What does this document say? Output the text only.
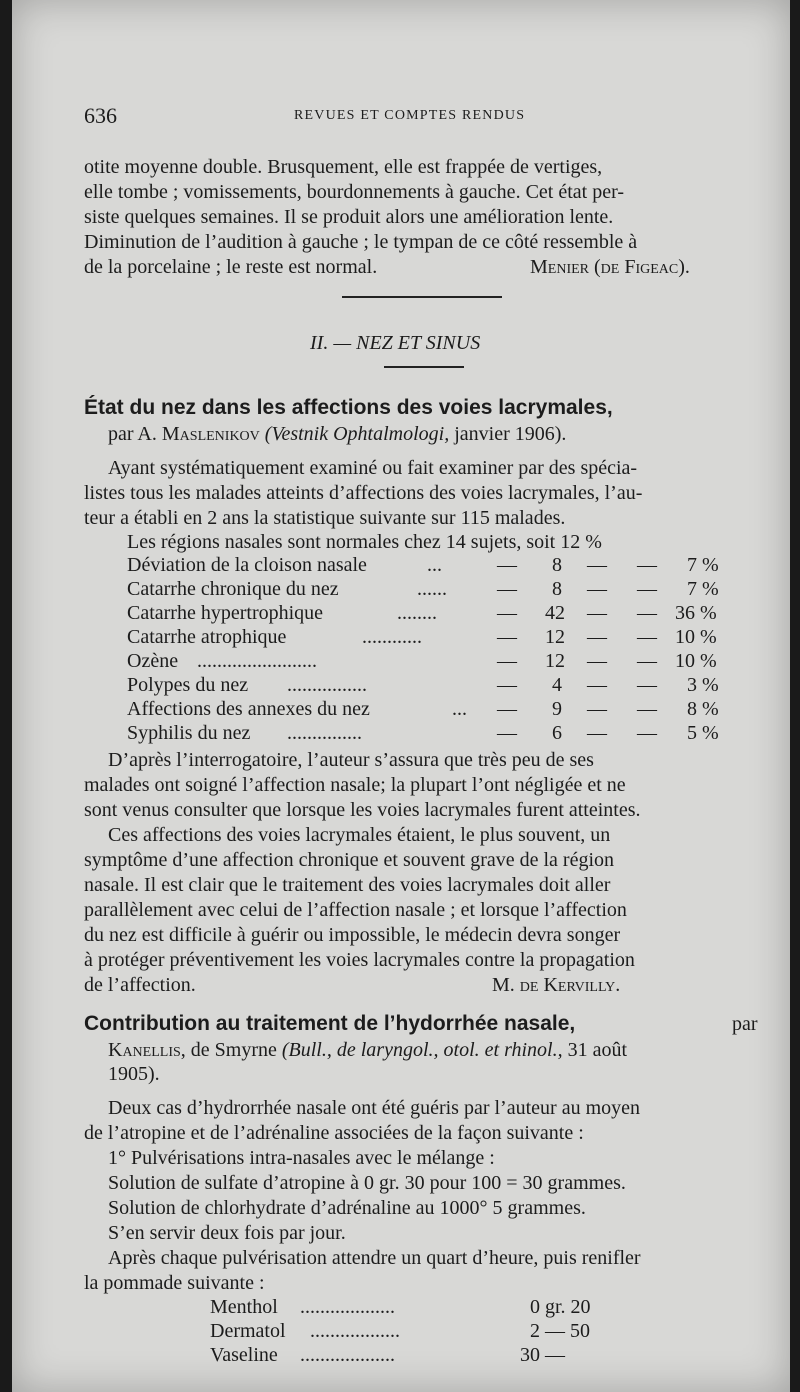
636	REVUES ET COMPTES RENDUS
otite moyenne double. Brusquement, elle est frappée de vertiges,
elle tombe ; vomissements, bourdonnements à gauche. Cet état per-
siste quelques semaines. Il se produit alors une amélioration lente.
Diminution de l’audition à gauche ; le tympan de ce côté ressemble à
de la porcelaine ; le reste est normal.	Menier (de Figeac).
II. — NEZ ET SINUS
État du nez dans les affections des voies lacrymales,
par A. Maslenikov (Vestnik Ophtalmologi, janvier 1906).
Ayant systématiquement examiné ou fait examiner par des spécia-
listes tous les malades atteints d’affections des voies lacrymales, l’au-
teur a établi en 2 ans la statistique suivante sur 115 malades.
Les régions nasales sont normales chez 14 sujets, soit 12 %
Déviation de la cloison nasale	...	— 8 — — 7 %
Catarrhe chronique du nez	......	— 8 — — 7 %
Catarrhe hypertrophique	........	— 42 — — 36 %
Catarrhe atrophique	............	— 12 — — 10 %
Ozène ........................	— 12 — — 10 %
Polypes du nez ................	— 4 — — 3 %
Affections des annexes du nez	... — 9 — — 8 %
Syphilis du nez ...............	— 6 — — 5 %
D’après l’interrogatoire, l’auteur s’assura que très peu de ses
malades ont soigné l’affection nasale; la plupart l’ont négligée et ne
sont venus consulter que lorsque les voies lacrymales furent atteintes.
Ces affections des voies lacrymales étaient, le plus souvent, un
symptôme d’une affection chronique et souvent grave de la région
nasale. Il est clair que le traitement des voies lacrymales doit aller
parallèlement avec celui de l’affection nasale ; et lorsque l’affection
du nez est difficile à guérir ou impossible, le médecin devra songer
à protéger préventivement les voies lacrymales contre la propagation
de l’affection.	M. de Kervilly.
Contribution au traitement de l’hydorrhée nasale,	par
Kanellis, de Smyrne (Bull., de laryngol., otol. et rhinol., 31 août
1905).
Deux cas d’hydrorrhée nasale ont été guéris par l’auteur au moyen
de l’atropine et de l’adrénaline associées de la façon suivante :
1° Pulvérisations intra-nasales avec le mélange :
Solution de sulfate d’atropine à 0 gr. 30 pour 100 = 30 grammes.
Solution de chlorhydrate d’adrénaline au 1000° 5 grammes.
S’en servir deux fois par jour.
Après chaque pulvérisation attendre un quart d’heure, puis renifler
la pommade suivante :
Menthol ...................	0 gr. 20
Dermatol ..................	2 — 50
Vaseline ...................	30 —
